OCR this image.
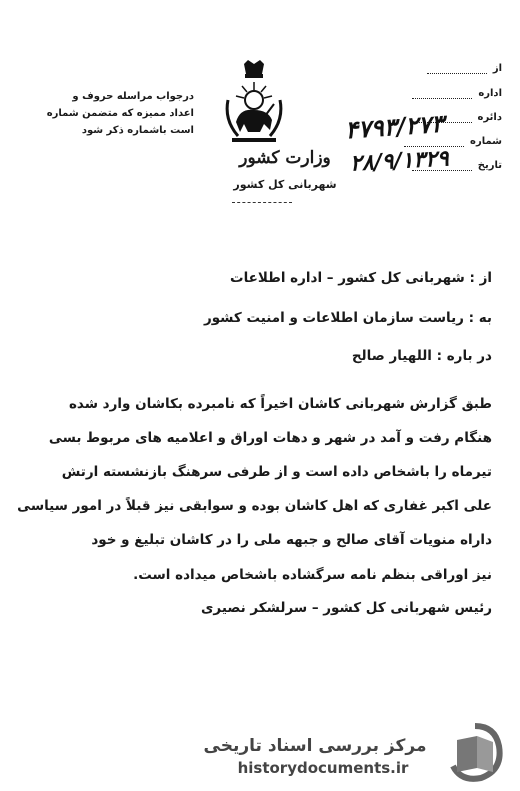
از
اداره
دائره
شماره
تاریخ
۴۷۹۳/۲۷۳
۲۸/۹/۱۳۲۹
درجواب مراسله حروف و
اعداد ممیزه که متضمن شماره
است باشماره ذکر شود
وزارت کشور
شهربانی کل کشور
از : شهربانی کل کشور – اداره اطلاعات
به : ریاست سازمان اطلاعات و امنیت کشور
در باره : اللهیار صالح
طبق گزارش شهربانی کاشان اخیراً که نامبرده بکاشان وارد شده
هنگام رفت و آمد در شهر و دهات اوراق و اعلامیه های مربوط بسی
تیرماه را باشخاص داده است و از طرفی سرهنگ بازنشسته ارتش
علی اکبر غفاری که اهل کاشان بوده و سوابقی نیز قبلاً در امور سیاسی
داراه منویات آقای صالح و جبهه ملی را در کاشان تبلیغ و خود
نیز اوراقی بنظم نامه سرگشاده باشخاص میداده است.
رئیس شهربانی کل کشور – سرلشکر نصیری
مرکز بررسی اسناد تاریخی
historydocuments.ir
